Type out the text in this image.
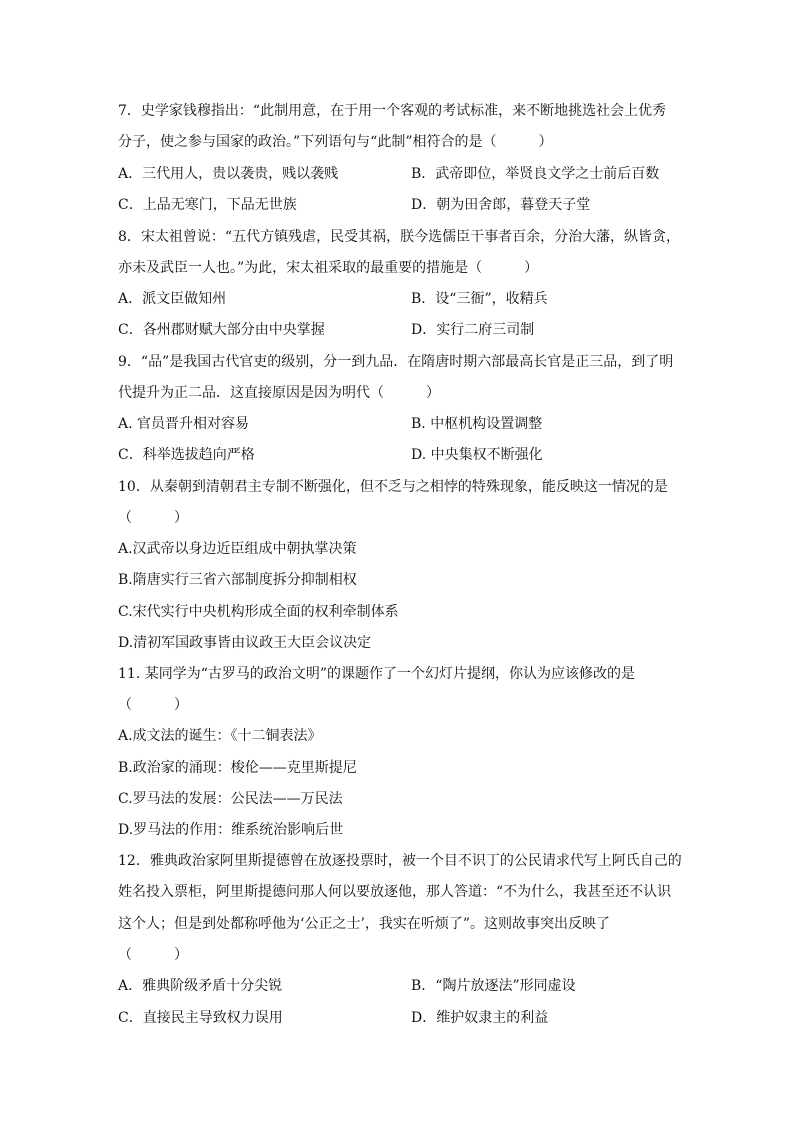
7．史学家钱穆指出：“此制用意，在于用一个客观的考试标准，来不断地挑选社会上优秀
分子，使之参与国家的政治。”下列语句与“此制”相符合的是（　　　）
A．三代用人，贵以袭贵，贱以袭贱	B．武帝即位，举贤良文学之士前后百数
C．上品无寒门，下品无世族	D．朝为田舍郎，暮登天子堂
8．宋太祖曾说：“五代方镇残虐，民受其祸，朕今选儒臣干事者百余，分治大藩，纵皆贪，
亦未及武臣一人也。”为此，宋太祖采取的最重要的措施是（　　　）
A．派文臣做知州	B．设“三衙”，收精兵
C．各州郡财赋大部分由中央掌握	D．实行二府三司制
9．“品”是我国古代官吏的级别，分一到九品．在隋唐时期六部最高长官是正三品，到了明
代提升为正二品．这直接原因是因为明代（　　　）
A. 官员晋升相对容易	B. 中枢机构设置调整
C．科举选拔趋向严格	D. 中央集权不断强化
10．从秦朝到清朝君主专制不断强化，但不乏与之相悖的特殊现象，能反映这一情况的是
（　　　）
A.汉武帝以身边近臣组成中朝执掌决策
B.隋唐实行三省六部制度拆分抑制相权
C.宋代实行中央机构形成全面的权利牵制体系
D.清初军国政事皆由议政王大臣会议决定
11. 某同学为“古罗马的政治文明”的课题作了一个幻灯片提纲，你认为应该修改的是
（　　　）
A.成文法的诞生：《十二铜表法》
B.政治家的涌现：梭伦——克里斯提尼
C.罗马法的发展：公民法——万民法
D.罗马法的作用：维系统治影响后世
12．雅典政治家阿里斯提德曾在放逐投票时，被一个目不识丁的公民请求代写上阿氏自己的
姓名投入票柜，阿里斯提德问那人何以要放逐他，那人答道：“不为什么，我甚至还不认识
这个人；但是到处都称呼他为‘公正之士’，我实在听烦了”。这则故事突出反映了
（　　　）
A．雅典阶级矛盾十分尖锐	B．“陶片放逐法”形同虚设
C．直接民主导致权力误用	D．维护奴隶主的利益
